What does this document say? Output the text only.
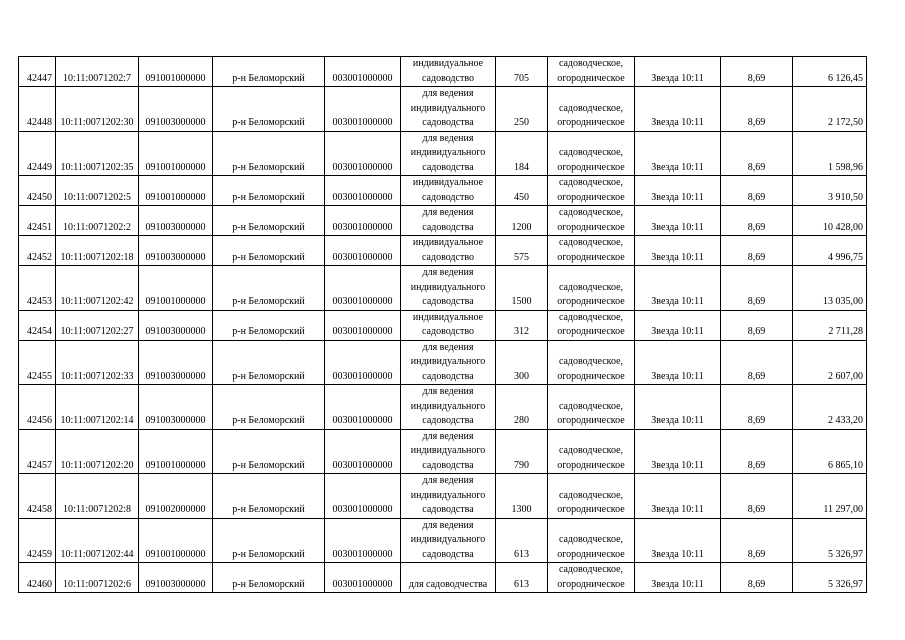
42447	10:11:0071202:7	091001000000	р-н Беломорский	003001000000	индивидуальное садоводство	705	садоводческое, огородническое	Звезда 10:11	8,69	6 126,45
42448	10:11:0071202:30	091003000000	р-н Беломорский	003001000000	для ведения индивидуального садоводства	250	садоводческое, огородническое	Звезда 10:11	8,69	2 172,50
42449	10:11:0071202:35	091001000000	р-н Беломорский	003001000000	для ведения индивидуального садоводства	184	садоводческое, огородническое	Звезда 10:11	8,69	1 598,96
42450	10:11:0071202:5	091001000000	р-н Беломорский	003001000000	индивидуальное садоводство	450	садоводческое, огородническое	Звезда 10:11	8,69	3 910,50
42451	10:11:0071202:2	091003000000	р-н Беломорский	003001000000	для ведения садоводства	1200	садоводческое, огородническое	Звезда 10:11	8,69	10 428,00
42452	10:11:0071202:18	091003000000	р-н Беломорский	003001000000	индивидуальное садоводство	575	садоводческое, огородническое	Звезда 10:11	8,69	4 996,75
42453	10:11:0071202:42	091001000000	р-н Беломорский	003001000000	для ведения индивидуального садоводства	1500	садоводческое, огородническое	Звезда 10:11	8,69	13 035,00
42454	10:11:0071202:27	091003000000	р-н Беломорский	003001000000	индивидуальное садоводство	312	садоводческое, огородническое	Звезда 10:11	8,69	2 711,28
42455	10:11:0071202:33	091003000000	р-н Беломорский	003001000000	для ведения индивидуального садоводства	300	садоводческое, огородническое	Звезда 10:11	8,69	2 607,00
42456	10:11:0071202:14	091003000000	р-н Беломорский	003001000000	для ведения индивидуального садоводства	280	садоводческое, огородническое	Звезда 10:11	8,69	2 433,20
42457	10:11:0071202:20	091001000000	р-н Беломорский	003001000000	для ведения индивидуального садоводства	790	садоводческое, огородническое	Звезда 10:11	8,69	6 865,10
42458	10:11:0071202:8	091002000000	р-н Беломорский	003001000000	для ведения индивидуального садоводства	1300	садоводческое, огородническое	Звезда 10:11	8,69	11 297,00
42459	10:11:0071202:44	091001000000	р-н Беломорский	003001000000	для ведения индивидуального садоводства	613	садоводческое, огородническое	Звезда 10:11	8,69	5 326,97
42460	10:11:0071202:6	091003000000	р-н Беломорский	003001000000	для садоводчества	613	садоводческое, огородническое	Звезда 10:11	8,69	5 326,97
